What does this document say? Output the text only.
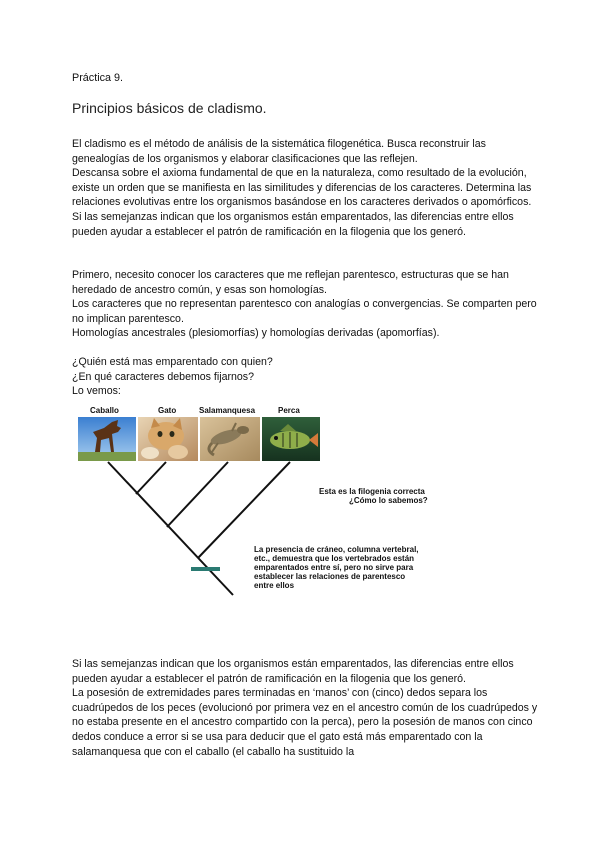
Práctica 9.
Principios básicos de cladismo.

El cladismo es el método de análisis de la sistemática filogenética. Busca reconstruir las genealogías de los organismos y elaborar clasificaciones que las reflejen.

Descansa sobre el axioma fundamental de que en la naturaleza, como resultado de la evolución, existe un orden que se manifiesta en las similitudes y diferencias de los caracteres. Determina las relaciones evolutivas entre los organismos basándose en los caracteres derivados o apomórficos.

Si las semejanzas indican que los organismos están emparentados, las diferencias entre ellos pueden ayudar a establecer el patrón de ramificación en la filogenia que los generó.

Primero, necesito conocer los caracteres que me reflejan parentesco, estructuras que se han heredado de ancestro común, y esas son homologías.

Los caracteres que no representan parentesco con analogías o convergencias. Se comparten pero no implican parentesco.

Homologías ancestrales (plesiomorfías) y homologías derivadas (apomorfías).

¿Quién está mas emparentado con quien?

¿En qué caracteres debemos fijarnos?

Lo vemos:

Caballo	Gato	Salamanquesa	Perca
Esta es la filogenia correcta
¿Cómo lo sabemos?
La presencia de cráneo, columna vertebral,
etc., demuestra que los vertebrados están
emparentados entre sí, pero no sirve para
establecer las relaciones de parentesco
entre ellos

Si las semejanzas indican que los organismos están emparentados, las diferencias entre ellos pueden ayudar a establecer el patrón de ramificación en la filogenia que los generó.

La posesión de extremidades pares terminadas en ‘manos’ con (cinco) dedos separa los cuadrúpedos de los peces (evolucionó por primera vez en el ancestro común de los cuadrúpedos y no estaba presente en el ancestro compartido con la perca), pero la posesión de manos con cinco dedos conduce a error si se usa para deducir que el gato está más emparentado con la salamanquesa que con el caballo (el caballo ha sustituido la
